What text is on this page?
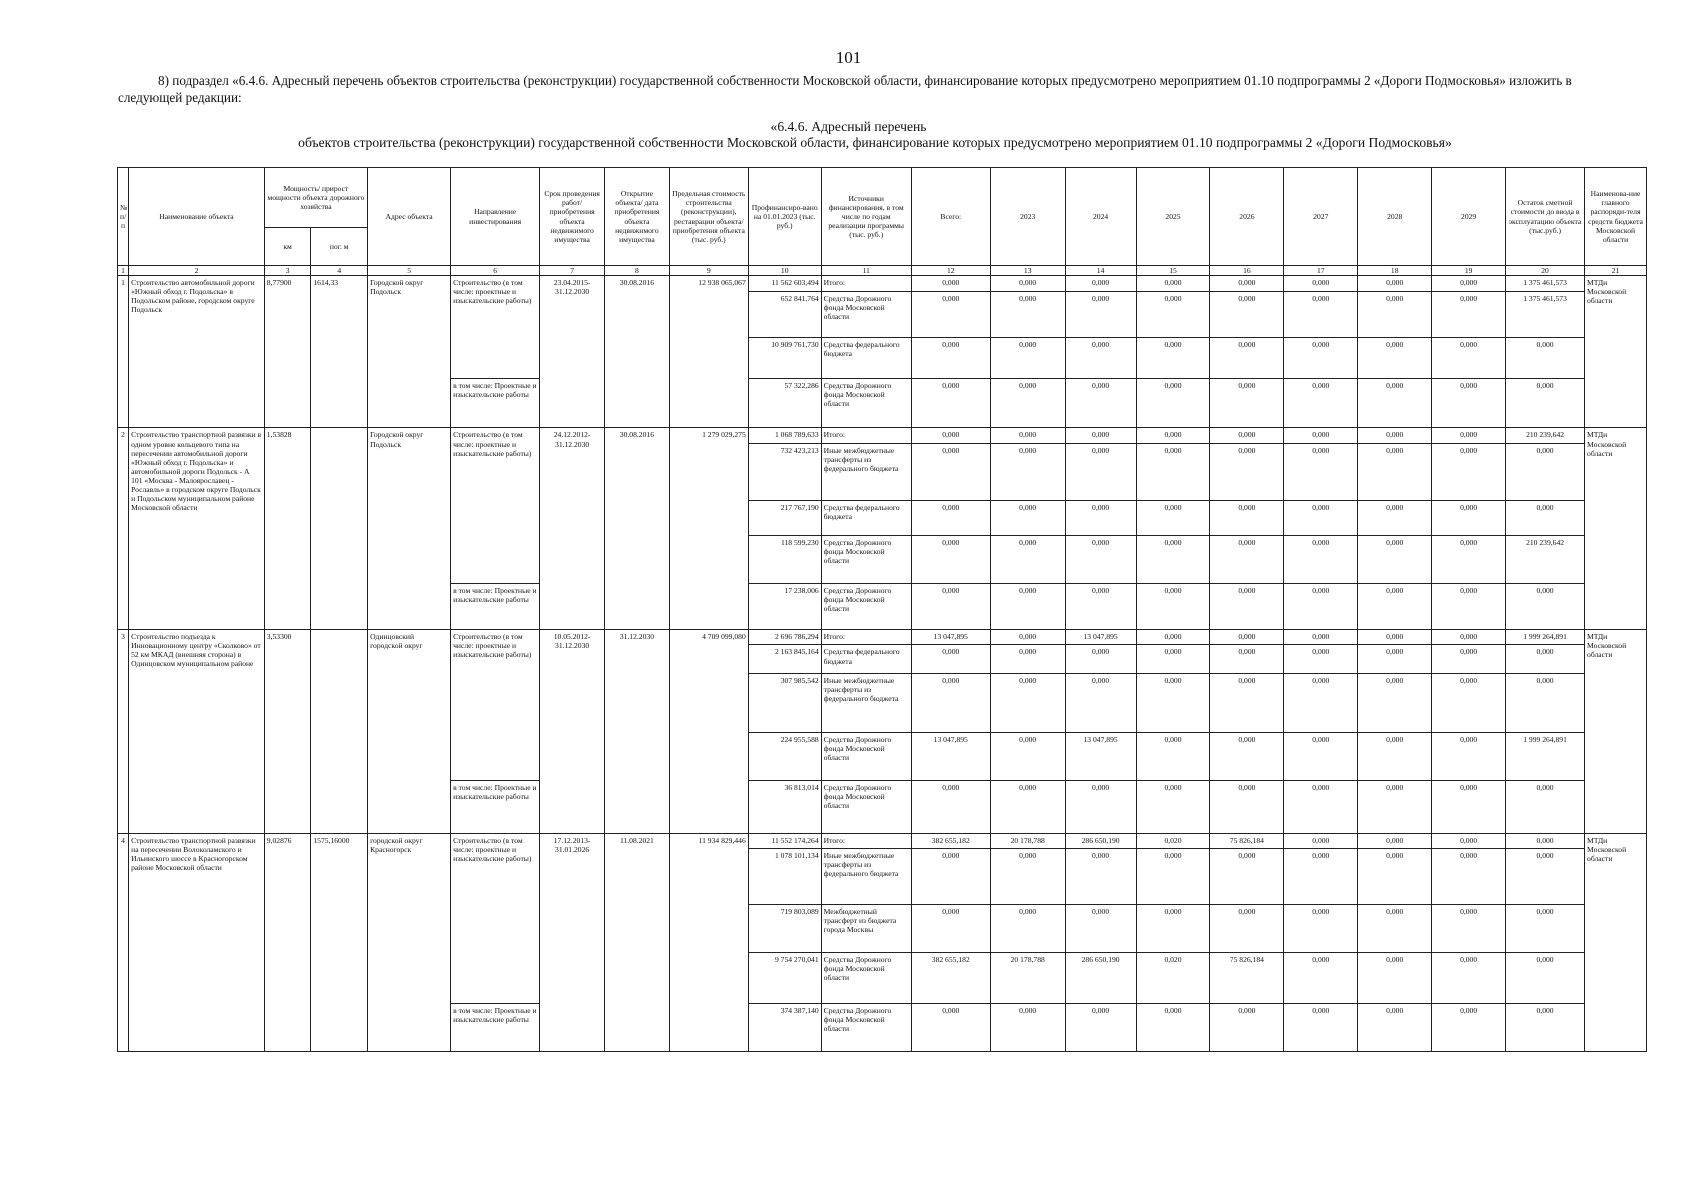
101
8) подраздел «6.4.6. Адресный перечень объектов строительства (реконструкции) государственной собственности Московской области, финансирование которых предусмотрено мероприятием 01.10 подпрограммы 2 «Дороги Подмосковья» изложить в следующей редакции:
«6.4.6. Адресный перечень
объектов строительства (реконструкции) государственной собственности Московской области, финансирование которых предусмотрено мероприятием 01.10 подпрограммы 2 «Дороги Подмосковья»
№ п/п	Наименование объекта	Мощность/ прирост мощности объекта дорожного хозяйства		Адрес объекта	Направление инвестирования	Срок проведения работ/ приобретения объекта недвижимого имущества	Открытие объекта/ дата приобретения объекта недвижимого имущества	Предельная стоимость строительства (реконструкции), реставрации объекта/ приобретения объекта (тыс. руб.)	Профинансиро-вано на 01.01.2023 (тыс. руб.)	Источники финансирования, в том числе по годам реализации программы (тыс. руб.)	Всего:	2023	2024	2025	2026	2027	2028	2029	Остаток сметной стоимости до ввода в эксплуатацию объекта (тыс.руб.)	Наименова-ние главного распоряди-теля средств бюджета Московской области
		км	пог. м																	
1	2	3	4	5	6	7	8	9	10	11	12	13	14	15	16	17	18	19	20	21
1	Строительство автомобильной дороги «Южный обход г. Подольска» в Подольском районе, городском округе Подольск	8,77900	1614,33	Городской округ Подольск	Строительство (в том числе: проектные и изыскательские работы)	23.04.2015-31.12.2030	30.08.2016	12 938 065,067	11 562 603,494	Итого:	0,000	0,000	0,000	0,000	0,000	0,000	0,000	0,000	1 375 461,573	МТДи Московской области
									652 841,764	Средства Дорожного фонда Московской области	0,000	0,000	0,000	0,000	0,000	0,000	0,000	0,000	1 375 461,573	
									10 909 761,730	Средства федерального бюджета	0,000	0,000	0,000	0,000	0,000	0,000	0,000	0,000	0,000	
					в том числе: Проектные и изыскательские работы				57 322,286	Средства Дорожного фонда Московской области	0,000	0,000	0,000	0,000	0,000	0,000	0,000	0,000	0,000	
2	Строительство транспортной развязки в одном уровне кольцевого типа на пересечении автомобильной дороги «Южный обход г. Подольска» и автомобильной дороги Подольск - А 101 «Москва - Малоярославец - Рославль» в городском округе Подольск и Подольском муниципальном районе Московской области	1,53828		Городской округ Подольск	Строительство (в том числе: проектные и изыскательские работы)	24.12.2012-31.12.2030	30.08.2016	1 279 029,275	1 068 789,633	Итого:	0,000	0,000	0,000	0,000	0,000	0,000	0,000	0,000	210 239,642	МТДи Московской области
									732 423,213	Иные межбюджетные трансферты из федерального бюджета	0,000	0,000	0,000	0,000	0,000	0,000	0,000	0,000	0,000	
									217 767,190	Средства федерального бюджета	0,000	0,000	0,000	0,000	0,000	0,000	0,000	0,000	0,000	
									118 599,230	Средства Дорожного фонда Московской области	0,000	0,000	0,000	0,000	0,000	0,000	0,000	0,000	210 239,642	
					в том числе: Проектные и изыскательские работы				17 238,006	Средства Дорожного фонда Московской области	0,000	0,000	0,000	0,000	0,000	0,000	0,000	0,000	0,000	
3	Строительство подъезда к Инновационному центру «Сколково» от 52 км МКАД (внешняя сторона) в Одинцовском муниципальном районе	3,53300		Одинцовский городской округ	Строительство (в том числе: проектные и изыскательские работы)	10.05.2012-31.12.2030	31.12.2030	4 709 099,080	2 696 786,294	Итого:	13 047,895	0,000	13 047,895	0,000	0,000	0,000	0,000	0,000	1 999 264,891	МТДи Московской области
									2 163 845,164	Средства федерального бюджета	0,000	0,000	0,000	0,000	0,000	0,000	0,000	0,000	0,000	
									307 985,542	Иные межбюджетные трансферты из федерального бюджета	0,000	0,000	0,000	0,000	0,000	0,000	0,000	0,000	0,000	
									224 955,588	Средства Дорожного фонда Московской области	13 047,895	0,000	13 047,895	0,000	0,000	0,000	0,000	0,000	1 999 264,891	
					в том числе: Проектные и изыскательские работы				36 813,014	Средства Дорожного фонда Московской области	0,000	0,000	0,000	0,000	0,000	0,000	0,000	0,000	0,000	
4	Строительство транспортной развязки на пересечении Волоколамского и Ильинского шоссе в Красногорском районе Московской области	9,02876	1575,16000	городской округ Красногорск	Строительство (в том числе: проектные и изыскательские работы)	17.12.2013-31.01.2026	11.08.2021	11 934 829,446	11 552 174,264	Итого:	382 655,182	20 178,788	286 650,190	0,020	75 826,184	0,000	0,000	0,000	0,000	МТДи Московской области
									1 078 101,134	Иные межбюджетные трансферты из федерального бюджета	0,000	0,000	0,000	0,000	0,000	0,000	0,000	0,000	0,000	
									719 803,089	Межбюджетный трансферт из бюджета города Москвы	0,000	0,000	0,000	0,000	0,000	0,000	0,000	0,000	0,000	
									9 754 270,041	Средства Дорожного фонда Московской области	382 655,182	20 178,788	286 650,190	0,020	75 826,184	0,000	0,000	0,000	0,000	
					в том числе: Проектные и изыскательские работы				374 387,140	Средства Дорожного фонда Московской области	0,000	0,000	0,000	0,000	0,000	0,000	0,000	0,000	0,000	
